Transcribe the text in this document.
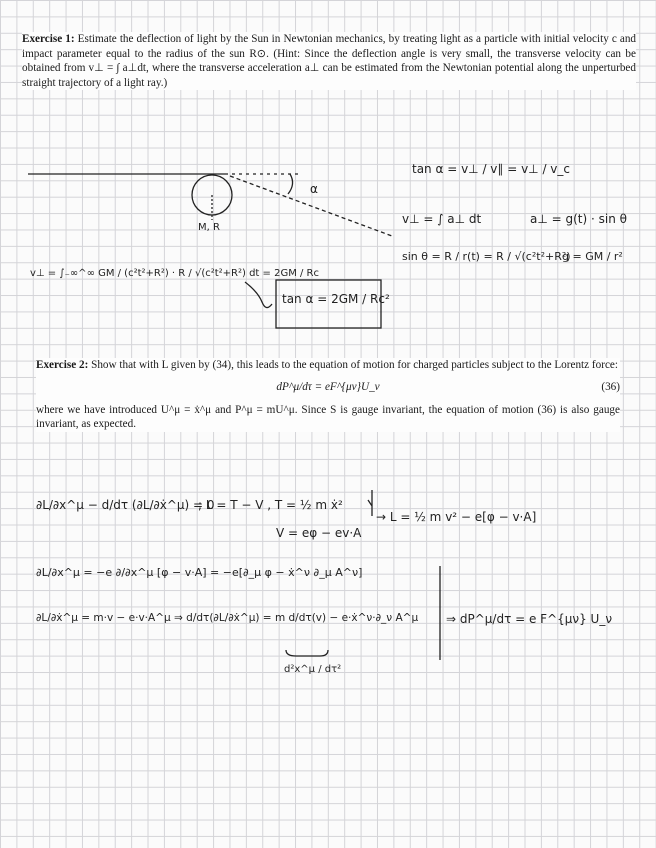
Exercise 1: Estimate the deflection of light by the Sun in Newtonian mechanics, by treating light as a particle with initial velocity c and impact parameter equal to the radius of the sun R⊙. (Hint: Since the deflection angle is very small, the transverse velocity can be obtained from v⊥ = ∫ a⊥dt, where the transverse acceleration a⊥ can be estimated from the Newtonian potential along the unperturbed straight trajectory of a light ray.)
α
M, R
tan α = v⊥ / v∥ = v⊥ / v_c
v⊥ = ∫ a⊥ dt	a⊥ = g(t) · sin θ
sin θ = R / r(t) = R / √(c²t²+R²)
g = GM / r²
v⊥ = ∫₋∞^∞ GM / (c²t²+R²) · R / √(c²t²+R²) dt = 2GM / Rc
tan α = 2GM / Rc²
Exercise 2: Show that with L given by (34), this leads to the equation of motion for charged particles subject to the Lorentz force:
dP^μ/dτ = eF^{μν}U_ν	(36)
where we have introduced U^μ = ẋ^μ and P^μ = mU^μ. Since S is gauge invariant, the equation of motion (36) is also gauge invariant, as expected.
∂L/∂x^μ − d/dτ (∂L/∂ẋ^μ) = 0
; L = T − V , T = ½ m ẋ²
V = eφ − ev·A
→ L = ½ m v² − e[φ − v·A]
∂L/∂x^μ = −e ∂/∂x^μ [φ − v·A] = −e[∂_μ φ − ẋ^ν ∂_μ A^ν]
∂L/∂ẋ^μ = m·v − e·v·A^μ ⇒ d/dτ(∂L/∂ẋ^μ) = m d/dτ(v) − e·ẋ^ν·∂_ν A^μ
d²x^μ / dτ²
⇒ dP^μ/dτ = e F^{μν} U_ν
